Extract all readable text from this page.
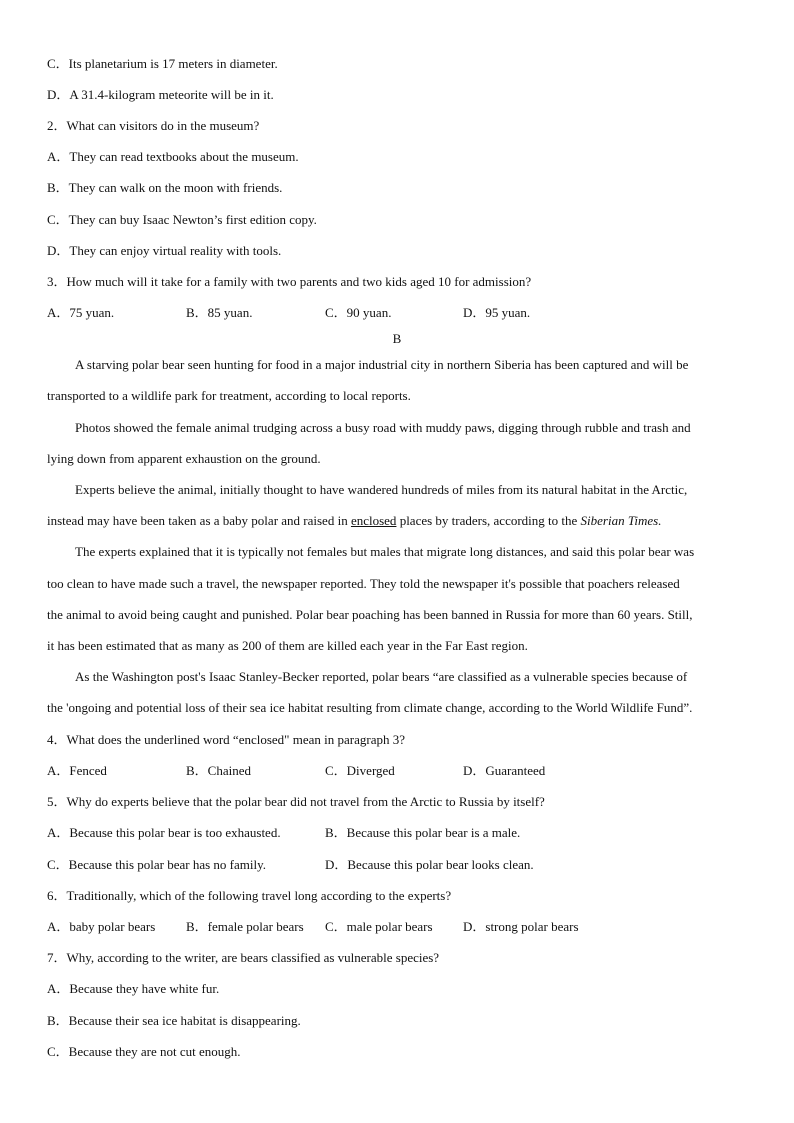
C．Its planetarium is 17 meters in diameter.
D．A 31.4-kilogram meteorite will be in it.
2．What can visitors do in the museum?
A．They can read textbooks about the museum.
B．They can walk on the moon with friends.
C．They can buy Isaac Newton’s first edition copy.
D．They can enjoy virtual reality with tools.
3．How much will it take for a family with two parents and two kids aged 10 for admission?
A．75 yuan.	B．85 yuan.	C．90 yuan.	D．95 yuan.
B
A starving polar bear seen hunting for food in a major industrial city in northern Siberia has been captured and will be
transported to a wildlife park for treatment, according to local reports.
Photos showed the female animal trudging across a busy road with muddy paws, digging through rubble and trash and
lying down from apparent exhaustion on the ground.
Experts believe the animal, initially thought to have wandered hundreds of miles from its natural habitat in the Arctic,
instead may have been taken as a baby polar and raised in enclosed places by traders, according to the Siberian Times.
The experts explained that it is typically not females but males that migrate long distances, and said this polar bear was
too clean to have made such a travel, the newspaper reported. They told the newspaper it's possible that poachers released
the animal to avoid being caught and punished. Polar bear poaching has been banned in Russia for more than 60 years. Still,
it has been estimated that as many as 200 of them are killed each year in the Far East region.
As the Washington post's Isaac Stanley-Becker reported, polar bears “are classified as a vulnerable species because of
the 'ongoing and potential loss of their sea ice habitat resulting from climate change, according to the World Wildlife Fund”.
4．What does the underlined word “enclosed" mean in paragraph 3?
A．Fenced	B．Chained	C．Diverged	D．Guaranteed
5．Why do experts believe that the polar bear did not travel from the Arctic to Russia by itself?
A．Because this polar bear is too exhausted.	B．Because this polar bear is a male.
C．Because this polar bear has no family.	D．Because this polar bear looks clean.
6．Traditionally, which of the following travel long according to the experts?
A．baby polar bears B．female polar bears C．male polar bears D．strong polar bears
7．Why, according to the writer, are bears classified as vulnerable species?
A．Because they have white fur.
B．Because their sea ice habitat is disappearing.
C．Because they are not cut enough.
